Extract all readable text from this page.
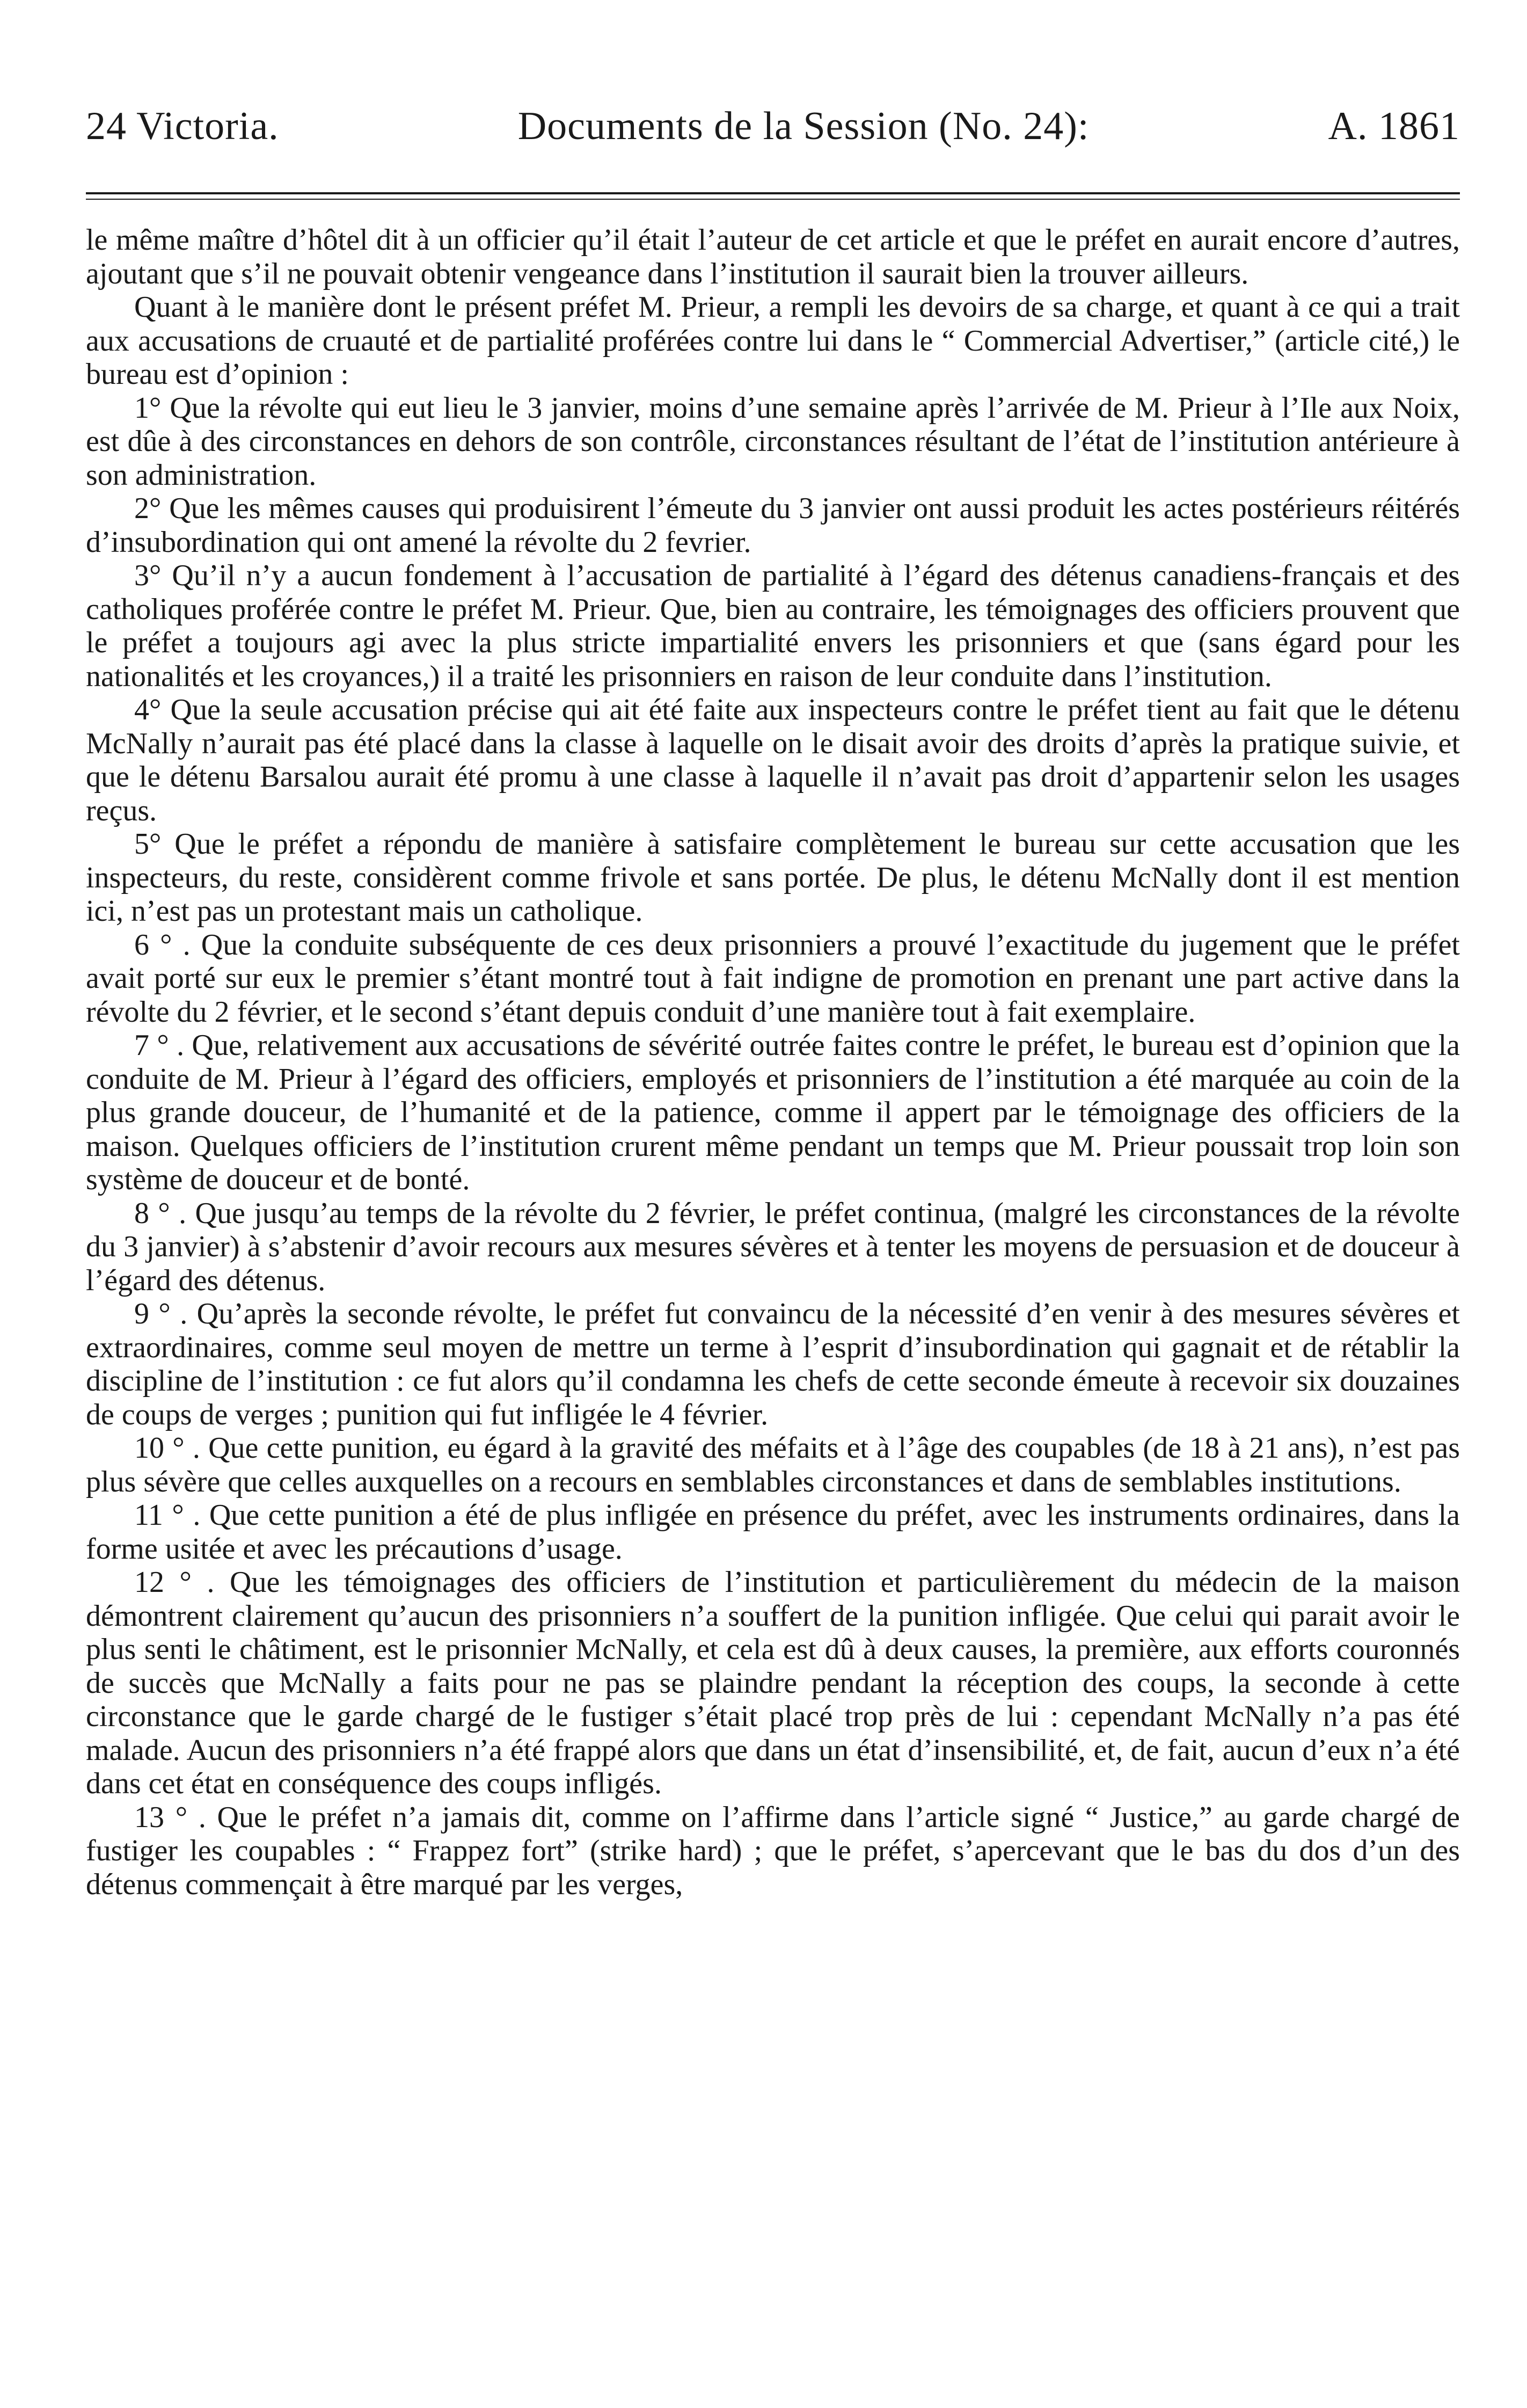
24 Victoria.	Documents de la Session (No. 24):	A. 1861

le même maître d’hôtel dit à un officier qu’il était l’auteur de cet article et que le préfet en aurait encore d’autres, ajoutant que s’il ne pouvait obtenir vengeance dans l’institution il saurait bien la trouver ailleurs.

Quant à le manière dont le présent préfet M. Prieur, a rempli les devoirs de sa charge, et quant à ce qui a trait aux accusations de cruauté et de partialité proférées contre lui dans le “ Commercial Advertiser,” (article cité,) le bureau est d’opinion :

1° Que la révolte qui eut lieu le 3 janvier, moins d’une semaine après l’arrivée de M. Prieur à l’Ile aux Noix, est dûe à des circonstances en dehors de son contrôle, circonstances résultant de l’état de l’institution antérieure à son administration.

2° Que les mêmes causes qui produisirent l’émeute du 3 janvier ont aussi produit les actes postérieurs réitérés d’insubordination qui ont amené la révolte du 2 fevrier.

3° Qu’il n’y a aucun fondement à l’accusation de partialité à l’égard des détenus canadiens-français et des catholiques proférée contre le préfet M. Prieur. Que, bien au contraire, les témoignages des officiers prouvent que le préfet a toujours agi avec la plus stricte impartialité envers les prisonniers et que (sans égard pour les nationalités et les croyances,) il a traité les prisonniers en raison de leur conduite dans l’institution.

4° Que la seule accusation précise qui ait été faite aux inspecteurs contre le préfet tient au fait que le détenu McNally n’aurait pas été placé dans la classe à laquelle on le disait avoir des droits d’après la pratique suivie, et que le détenu Barsalou aurait été promu à une classe à laquelle il n’avait pas droit d’appartenir selon les usages reçus.

5° Que le préfet a répondu de manière à satisfaire complètement le bureau sur cette accusation que les inspecteurs, du reste, considèrent comme frivole et sans portée. De plus, le détenu McNally dont il est mention ici, n’est pas un protestant mais un catholique.

6 ° . Que la conduite subséquente de ces deux prisonniers a prouvé l’exactitude du jugement que le préfet avait porté sur eux le premier s’étant montré tout à fait indigne de promotion en prenant une part active dans la révolte du 2 février, et le second s’étant depuis conduit d’une manière tout à fait exemplaire.

7 ° . Que, relativement aux accusations de sévérité outrée faites contre le préfet, le bureau est d’opinion que la conduite de M. Prieur à l’égard des officiers, employés et prisonniers de l’institution a été marquée au coin de la plus grande douceur, de l’humanité et de la patience, comme il appert par le témoignage des officiers de la maison. Quelques officiers de l’institution crurent même pendant un temps que M. Prieur poussait trop loin son système de douceur et de bonté.

8 ° . Que jusqu’au temps de la révolte du 2 février, le préfet continua, (malgré les circonstances de la révolte du 3 janvier) à s’abstenir d’avoir recours aux mesures sévères et à tenter les moyens de persuasion et de douceur à l’égard des détenus.

9 ° . Qu’après la seconde révolte, le préfet fut convaincu de la nécessité d’en venir à des mesures sévères et extraordinaires, comme seul moyen de mettre un terme à l’esprit d’insubordination qui gagnait et de rétablir la discipline de l’institution : ce fut alors qu’il condamna les chefs de cette seconde émeute à recevoir six douzaines de coups de verges ; punition qui fut infligée le 4 février.

10 ° . Que cette punition, eu égard à la gravité des méfaits et à l’âge des coupables (de 18 à 21 ans), n’est pas plus sévère que celles auxquelles on a recours en semblables circonstances et dans de semblables institutions.

11 ° . Que cette punition a été de plus infligée en présence du préfet, avec les instruments ordinaires, dans la forme usitée et avec les précautions d’usage.

12 ° . Que les témoignages des officiers de l’institution et particulièrement du médecin de la maison démontrent clairement qu’aucun des prisonniers n’a souffert de la punition infligée. Que celui qui parait avoir le plus senti le châtiment, est le prisonnier McNally, et cela est dû à deux causes, la première, aux efforts couronnés de succès que McNally a faits pour ne pas se plaindre pendant la réception des coups, la seconde à cette circonstance que le garde chargé de le fustiger s’était placé trop près de lui : cependant McNally n’a pas été malade. Aucun des prisonniers n’a été frappé alors que dans un état d’insensibilité, et, de fait, aucun d’eux n’a été dans cet état en conséquence des coups infligés.

13 ° . Que le préfet n’a jamais dit, comme on l’affirme dans l’article signé “ Justice,” au garde chargé de fustiger les coupables : “ Frappez fort” (strike hard) ; que le préfet, s’apercevant que le bas du dos d’un des détenus commençait à être marqué par les verges,
